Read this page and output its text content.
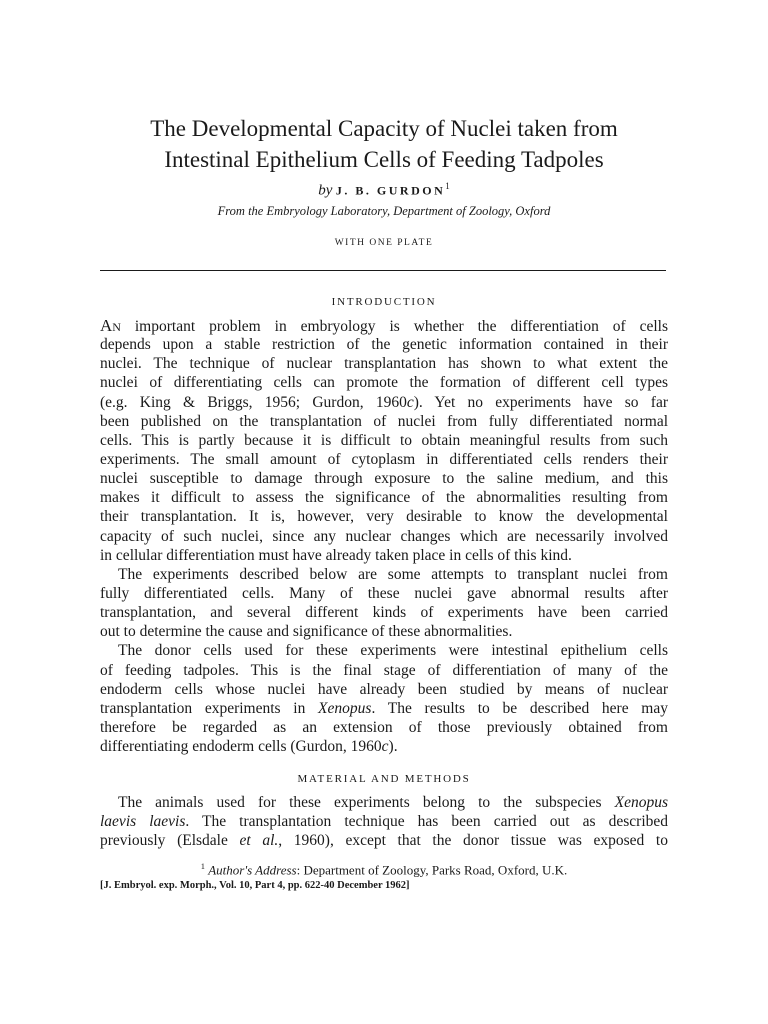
The Developmental Capacity of Nuclei taken from
Intestinal Epithelium Cells of Feeding Tadpoles
by J. B. GURDON$^1$
From the Embryology Laboratory, Department of Zoology, Oxford
WITH ONE PLATE
INTRODUCTION
AN important problem in embryology is whether the differentiation of cells
depends upon a stable restriction of the genetic information contained in their
nuclei. The technique of nuclear transplantation has shown to what extent the
nuclei of differentiating cells can promote the formation of different cell types
(e.g. King & Briggs, 1956; Gurdon, 1960c). Yet no experiments have so far
been published on the transplantation of nuclei from fully differentiated normal
cells. This is partly because it is difficult to obtain meaningful results from such
experiments. The small amount of cytoplasm in differentiated cells renders their
nuclei susceptible to damage through exposure to the saline medium, and this
makes it difficult to assess the significance of the abnormalities resulting from
their transplantation. It is, however, very desirable to know the developmental
capacity of such nuclei, since any nuclear changes which are necessarily involved
in cellular differentiation must have already taken place in cells of this kind.
The experiments described below are some attempts to transplant nuclei from
fully differentiated cells. Many of these nuclei gave abnormal results after
transplantation, and several different kinds of experiments have been carried
out to determine the cause and significance of these abnormalities.
The donor cells used for these experiments were intestinal epithelium cells
of feeding tadpoles. This is the final stage of differentiation of many of the
endoderm cells whose nuclei have already been studied by means of nuclear
transplantation experiments in Xenopus. The results to be described here may
therefore be regarded as an extension of those previously obtained from
differentiating endoderm cells (Gurdon, 1960c).
MATERIAL AND METHODS
The animals used for these experiments belong to the subspecies Xenopus
laevis laevis. The transplantation technique has been carried out as described
previously (Elsdale et al., 1960), except that the donor tissue was exposed to
$^1$ Author's Address: Department of Zoology, Parks Road, Oxford, U.K.
[J. Embryol. exp. Morph., Vol. 10, Part 4, pp. 622-40 December 1962]
